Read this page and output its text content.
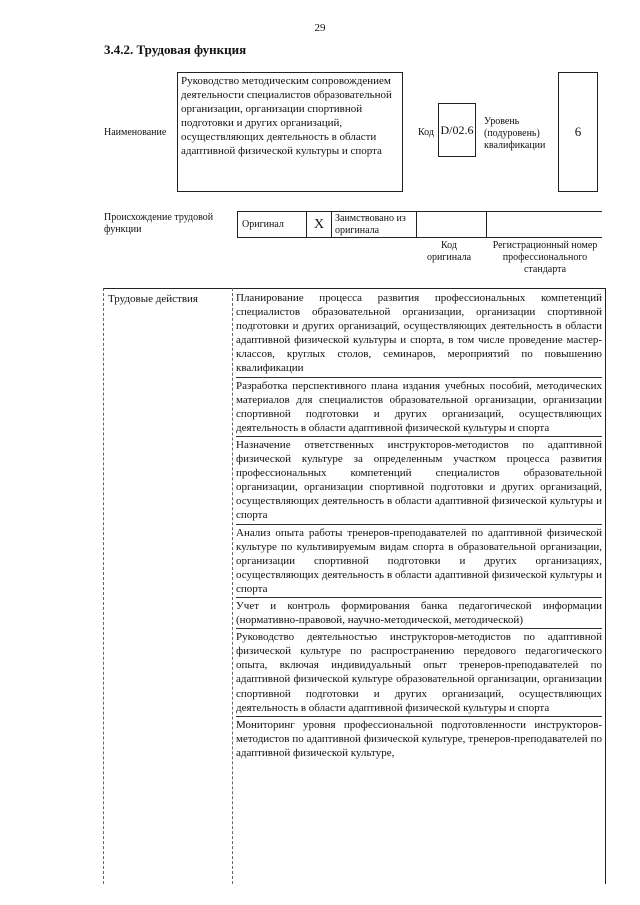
29
3.4.2. Трудовая функция
Наименование
Руководство методическим сопровождением деятельности специалистов образовательной организации, организации спортивной подготовки и других организаций, осуществляющих деятельность в области адаптивной физической культуры и спорта
Код D/02.6
Уровень (подуровень) квалификации
6
Происхождение трудовой функции	Оригинал X Заимствовано из оригинала
Код оригинала
Регистрационный номер профессионального стандарта
Трудовые действия	Планирование процесса развития профессиональных компетенций специалистов образовательной организации, организации спортивной подготовки и других организаций, осуществляющих деятельность в области адаптивной физической культуры и спорта, в том числе проведение мастер-классов, круглых столов, семинаров, мероприятий по повышению квалификации
Разработка перспективного плана издания учебных пособий, методических материалов для специалистов образовательной организации, организации спортивной подготовки и других организаций, осуществляющих деятельность в области адаптивной физической культуры и спорта
Назначение ответственных инструкторов-методистов по адаптивной физической культуре за определенным участком процесса развития профессиональных компетенций специалистов образовательной организации, организации спортивной подготовки и других организаций, осуществляющих деятельность в области адаптивной физической культуры и спорта
Анализ опыта работы тренеров-преподавателей по адаптивной физической культуре по культивируемым видам спорта в образовательной организации, организации спортивной подготовки и других организациях, осуществляющих деятельность в области адаптивной физической культуры и спорта
Учет и контроль формирования банка педагогической информации (нормативно-правовой, научно-методической, методической)
Руководство деятельностью инструкторов-методистов по адаптивной физической культуре по распространению передового педагогического опыта, включая индивидуальный опыт тренеров-преподавателей по адаптивной физической культуре образовательной организации, организации спортивной подготовки и других организаций, осуществляющих деятельность в области адаптивной физической культуры и спорта
Мониторинг уровня профессиональной подготовленности инструкторов-методистов по адаптивной физической культуре, тренеров-преподавателей по адаптивной физической культуре,
